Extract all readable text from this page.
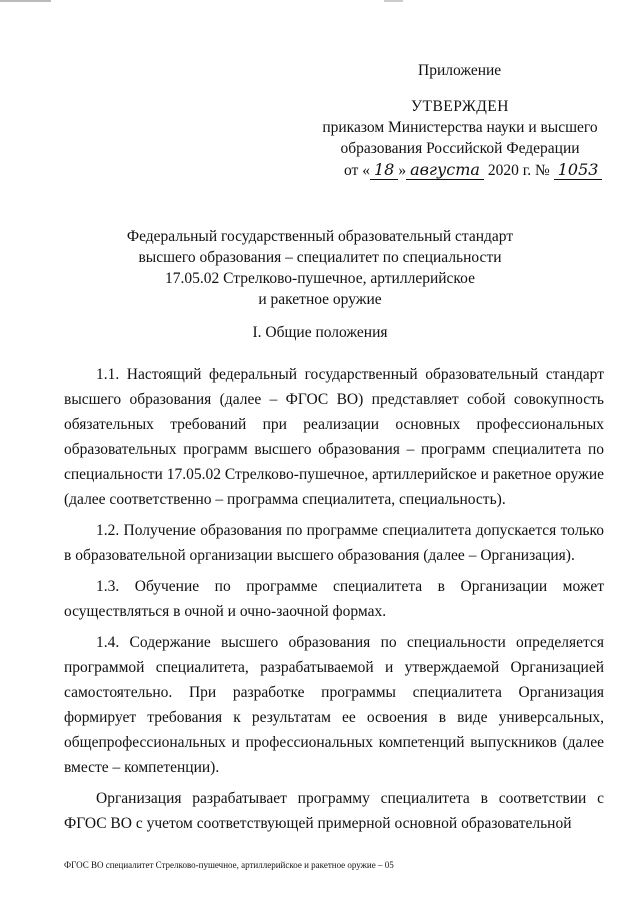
Приложение
УТВЕРЖДЕН
приказом Министерства науки и высшего
образования Российской Федерации
от « 18 » августа 2020 г. № 1053
Федеральный государственный образовательный стандарт
высшего образования – специалитет по специальности
17.05.02 Стрелково-пушечное, артиллерийское
и ракетное оружие
I. Общие положения

1.1. Настоящий федеральный государственный образовательный стандарт высшего образования (далее – ФГОС ВО) представляет собой совокупность обязательных требований при реализации основных профессиональных образовательных программ высшего образования – программ специалитета по специальности 17.05.02 Стрелково-пушечное, артиллерийское и ракетное оружие (далее соответственно – программа специалитета, специальность).

1.2. Получение образования по программе специалитета допускается только в образовательной организации высшего образования (далее – Организация).

1.3. Обучение по программе специалитета в Организации может осуществляться в очной и очно-заочной формах.

1.4. Содержание высшего образования по специальности определяется программой специалитета, разрабатываемой и утверждаемой Организацией самостоятельно. При разработке программы специалитета Организация формирует требования к результатам ее освоения в виде универсальных, общепрофессиональных и профессиональных компетенций выпускников (далее вместе – компетенции).

Организация разрабатывает программу специалитета в соответствии с ФГОС ВО с учетом соответствующей примерной основной образовательной

ФГОС ВО специалитет Стрелково-пушечное, артиллерийское и ракетное оружие – 05
